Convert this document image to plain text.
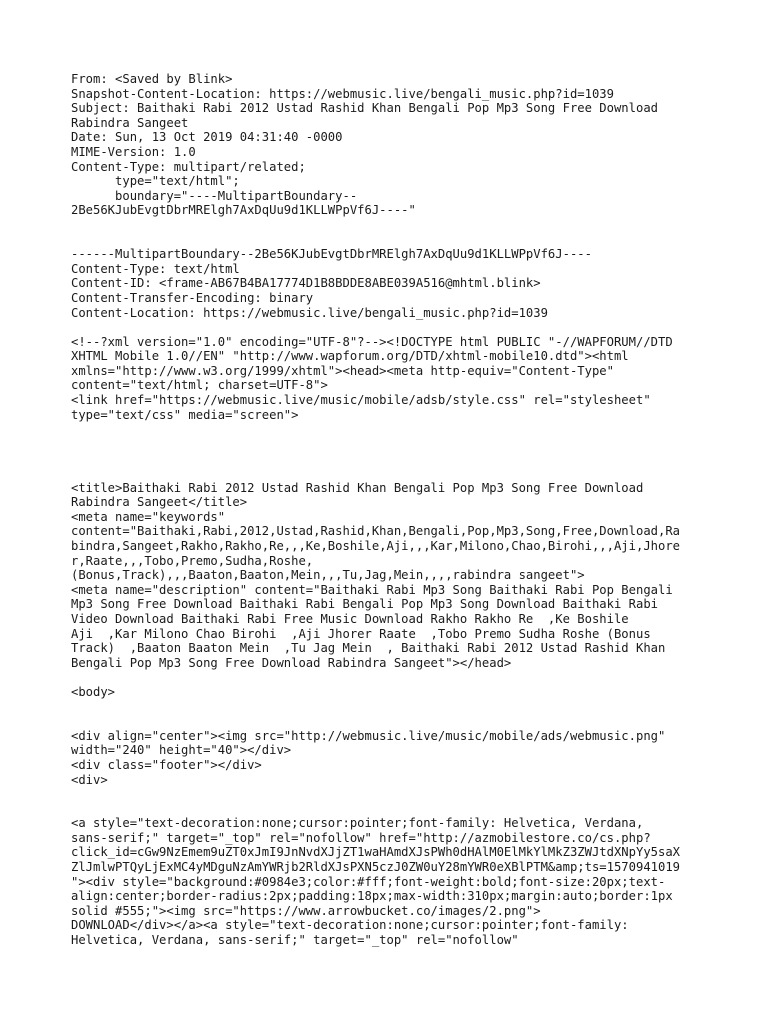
From: <Saved by Blink>
Snapshot-Content-Location: https://webmusic.live/bengali_music.php?id=1039
Subject: Baithaki Rabi 2012 Ustad Rashid Khan Bengali Pop Mp3 Song Free Download
Rabindra Sangeet
Date: Sun, 13 Oct 2019 04:31:40 -0000
MIME-Version: 1.0
Content-Type: multipart/related;
type="text/html";
boundary="----MultipartBoundary--
2Be56KJubEvgtDbrMRElgh7AxDqUu9d1KLLWPpVf6J----"
------MultipartBoundary--2Be56KJubEvgtDbrMRElgh7AxDqUu9d1KLLWPpVf6J----
Content-Type: text/html
Content-ID: <frame-AB67B4BA17774D1B8BDDE8ABE039A516@mhtml.blink>
Content-Transfer-Encoding: binary
Content-Location: https://webmusic.live/bengali_music.php?id=1039
<!--?xml version="1.0" encoding="UTF-8"?--><!DOCTYPE html PUBLIC "-//WAPFORUM//DTD
XHTML Mobile 1.0//EN" "http://www.wapforum.org/DTD/xhtml-mobile10.dtd"><html
xmlns="http://www.w3.org/1999/xhtml"><head><meta http-equiv="Content-Type"
content="text/html; charset=UTF-8">
<link href="https://webmusic.live/music/mobile/adsb/style.css" rel="stylesheet"
type="text/css" media="screen">
<title>Baithaki Rabi 2012 Ustad Rashid Khan Bengali Pop Mp3 Song Free Download
Rabindra Sangeet</title>
<meta name="keywords"
content="Baithaki,Rabi,2012,Ustad,Rashid,Khan,Bengali,Pop,Mp3,Song,Free,Download,Ra
bindra,Sangeet,Rakho,Rakho,Re,,,Ke,Boshile,Aji,,,Kar,Milono,Chao,Birohi,,,Aji,Jhore
r,Raate,,,Tobo,Premo,Sudha,Roshe,
(Bonus,Track),,,Baaton,Baaton,Mein,,,Tu,Jag,Mein,,,,rabindra sangeet">
<meta name="description" content="Baithaki Rabi Mp3 Song Baithaki Rabi Pop Bengali
Mp3 Song Free Download Baithaki Rabi Bengali Pop Mp3 Song Download Baithaki Rabi
Video Download Baithaki Rabi Free Music Download Rakho Rakho Re  ,Ke Boshile
Aji  ,Kar Milono Chao Birohi  ,Aji Jhorer Raate  ,Tobo Premo Sudha Roshe (Bonus
Track)  ,Baaton Baaton Mein  ,Tu Jag Mein  , Baithaki Rabi 2012 Ustad Rashid Khan
Bengali Pop Mp3 Song Free Download Rabindra Sangeet"></head>
<body>
<div align="center"><img src="http://webmusic.live/music/mobile/ads/webmusic.png"
width="240" height="40"></div>
<div class="footer"></div>
<div>
<a style="text-decoration:none;cursor:pointer;font-family: Helvetica, Verdana,
sans-serif;" target="_top" rel="nofollow" href="http://azmobilestore.co/cs.php?
click_id=cGw9NzEmem9uZT0xJmI9JnNvdXJjZT1waHAmdXJsPWh0dHAlM0ElMkYlMkZ3ZWJtdXNpYy5saX
ZlJmlwPTQyLjExMC4yMDguNzAmYWRjb2RldXJsPXN5czJ0ZW0uY28mYWR0eXBlPTM&amp;ts=1570941019
"><div style="background:#0984e3;color:#fff;font-weight:bold;font-size:20px;text-
align:center;border-radius:2px;padding:18px;max-width:310px;margin:auto;border:1px
solid #555;"><img src="https://www.arrowbucket.co/images/2.png">
DOWNLOAD</div></a><a style="text-decoration:none;cursor:pointer;font-family:
Helvetica, Verdana, sans-serif;" target="_top" rel="nofollow"
